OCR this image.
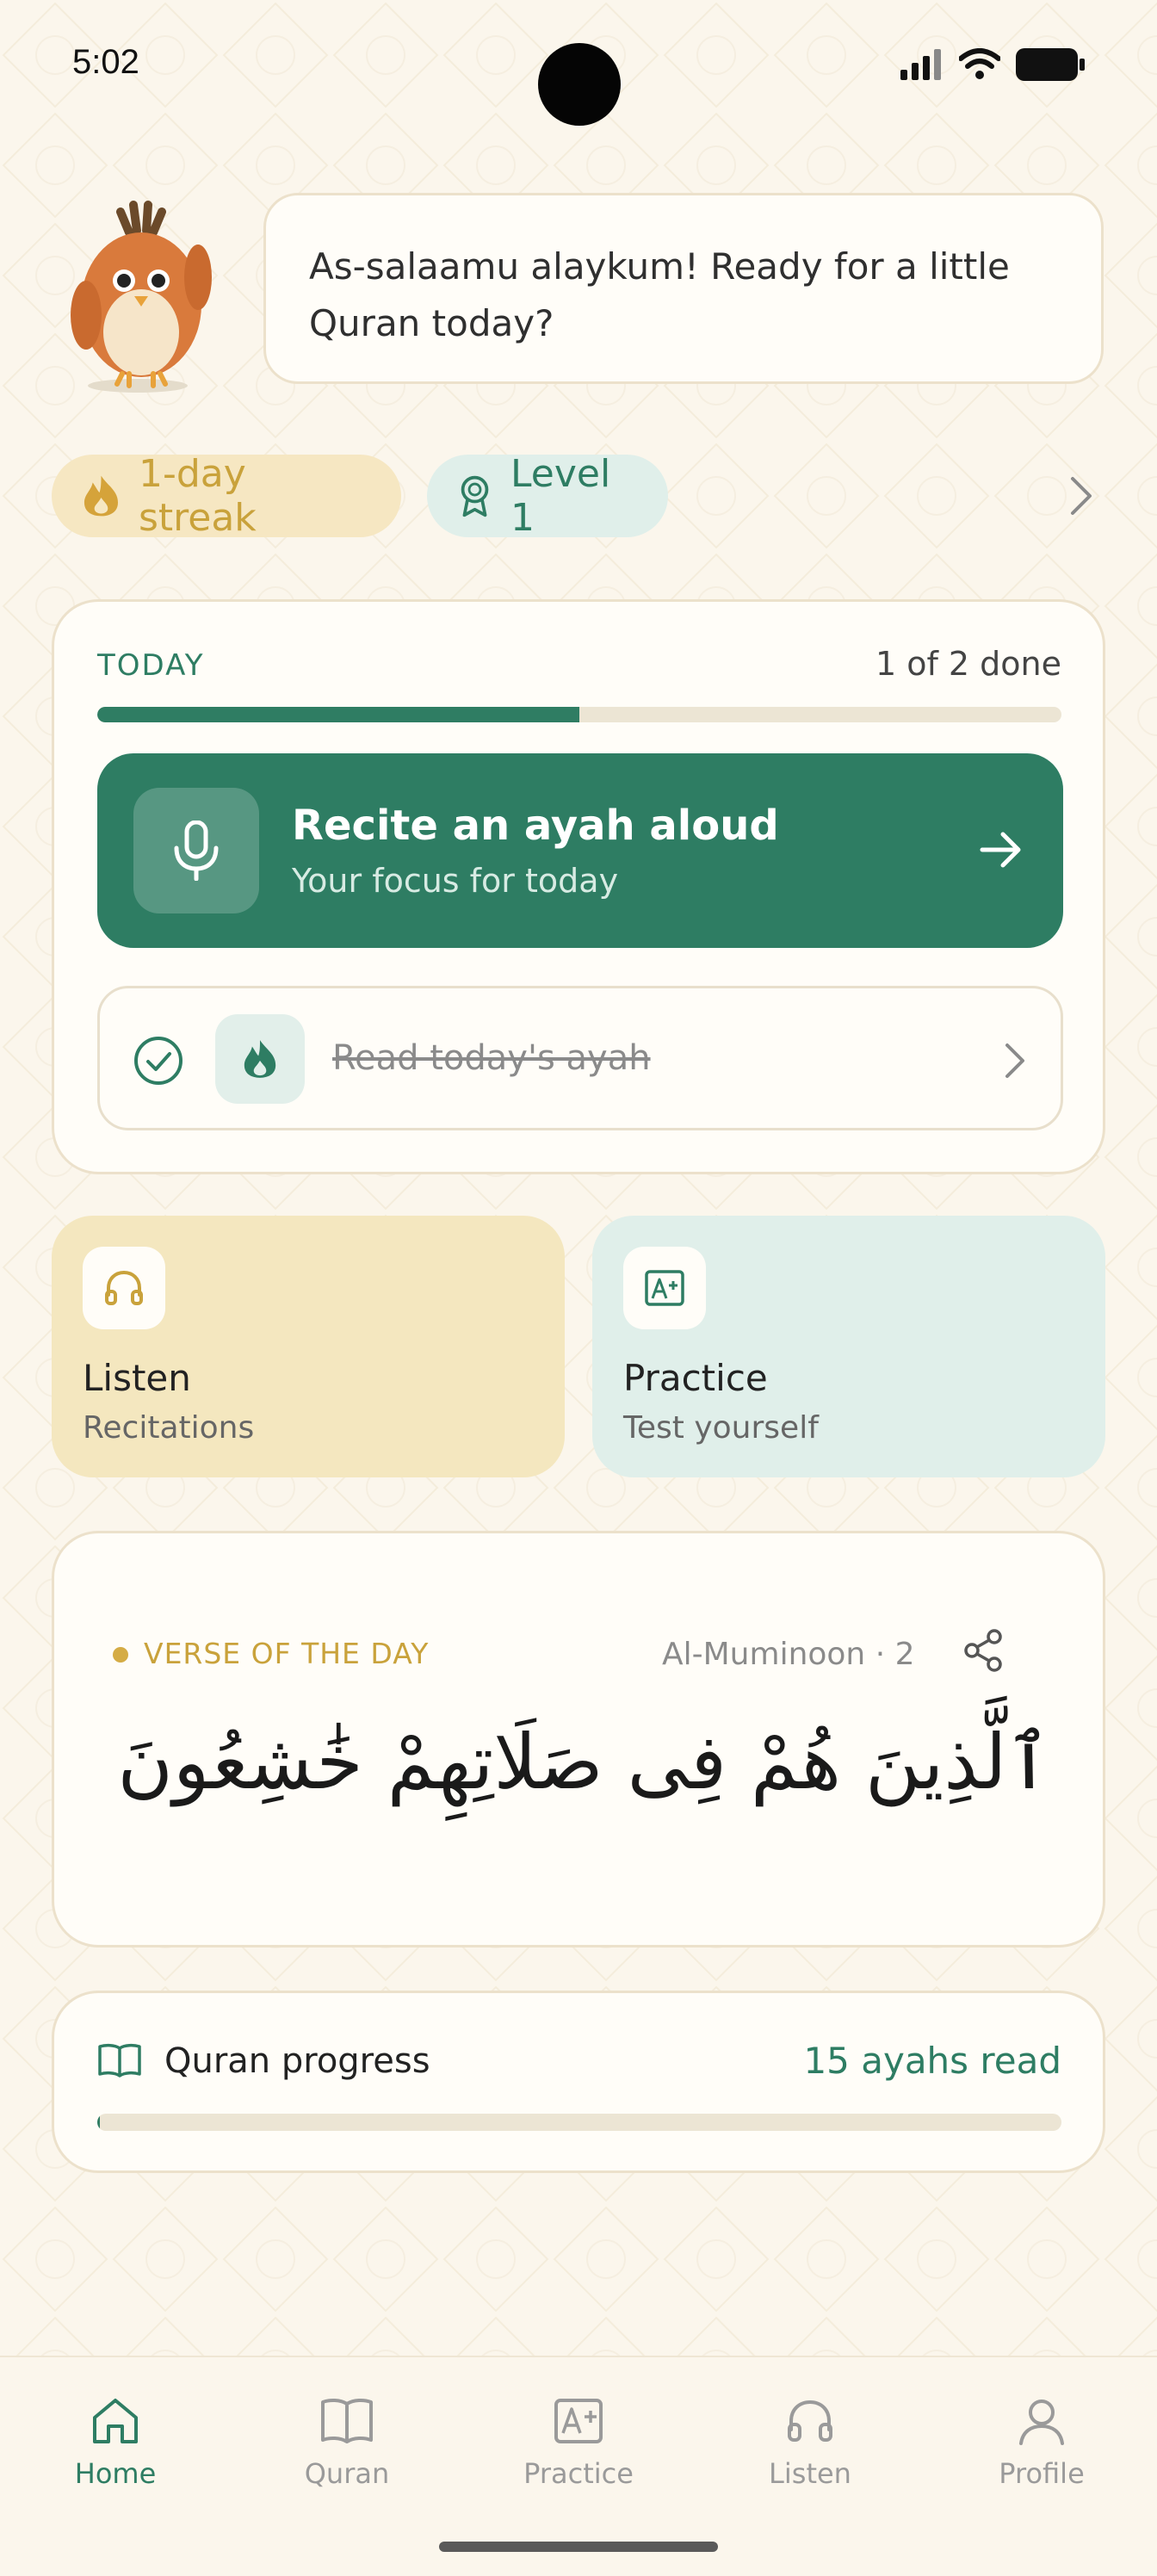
5:02
As-salaamu alaykum! Ready for a little Quran today?
1-day streak
Level 1
TODAY	1 of 2 done
Recite an ayah aloud
Your focus for today
Read today's ayah
Listen
Recitations
Practice
Test yourself
VERSE OF THE DAY	Al-Muminoon · 2
ٱلَّذِينَ هُمْ فِى صَلَاتِهِمْ خَٰشِعُونَ
Quran progress	15 ayahs read
Home	Quran	Practice	Listen	Profile
